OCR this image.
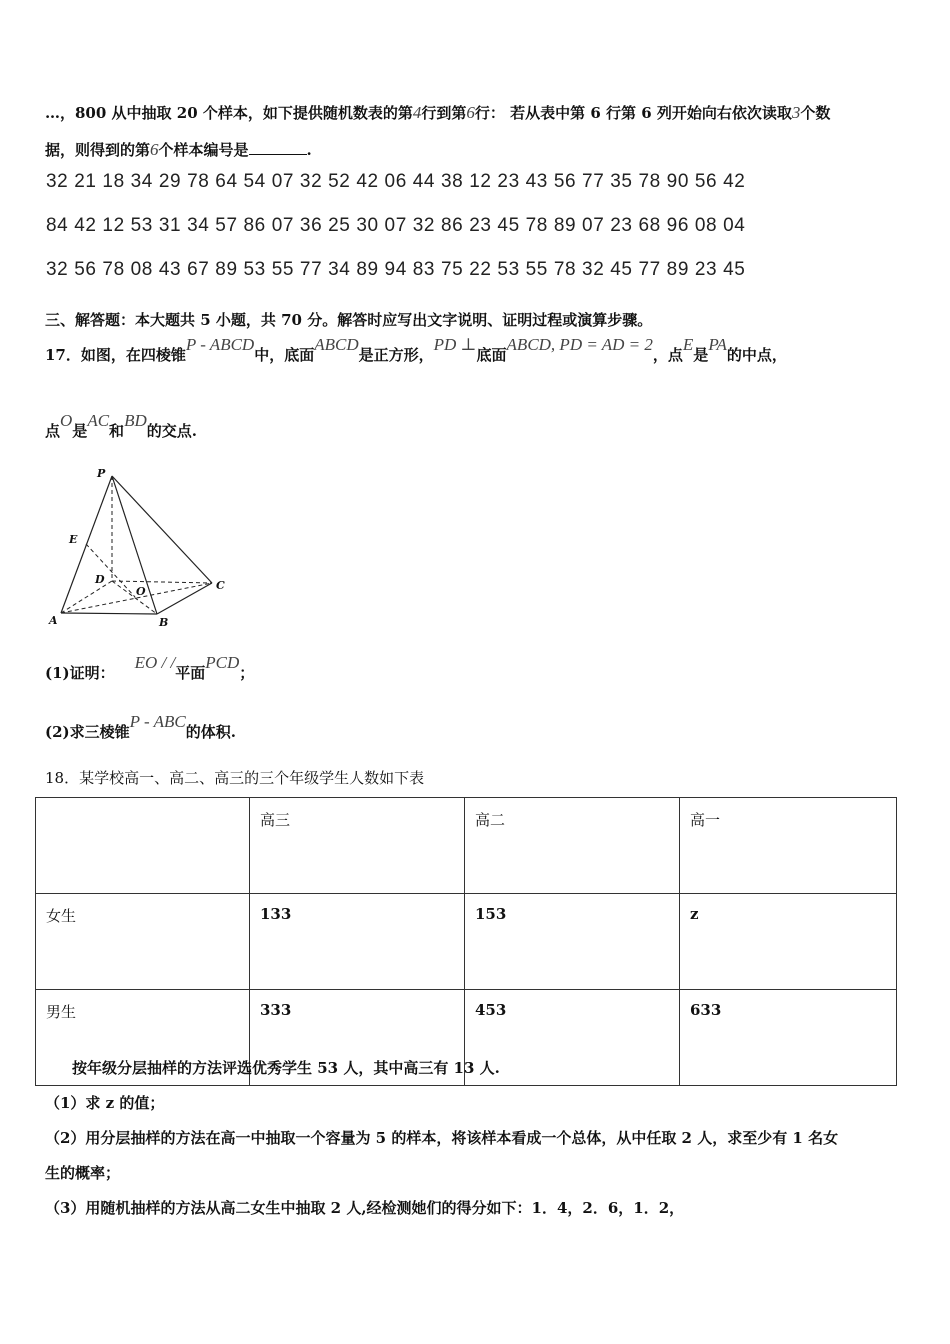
…，800 从中抽取 20 个样本，如下提供随机数表的第4行到第6行： 若从表中第 6 行第 6 列开始向右依次读取3个数
据，则得到的第6个样本编号是	.
32 21 18 34 29 78 64 54 07 32 52 42 06 44 38 12 23 43 56 77 35 78 90 56 42
84 42 12 53 31 34 57 86 07 36 25 30 07 32 86 23 45 78 89 07 23 68 96 08 04
32 56 78 08 43 67 89 53 55 77 34 89 94 83 75 22 53 55 78 32 45 77 89 23 45
三、解答题：本大题共 5 小题，共 70 分。解答时应写出文字说明、证明过程或演算步骤。
17．如图，在四棱锥P - ABCD中，底面ABCD是正方形，PD ⊥底面ABCD, PD = AD = 2，点E是PA的中点，
点O是AC和BD的交点.
P
E
D
O	C
A	B
(1)证明：EO / /平面PCD；
(2)求三棱锥P - ABC的体积.
18．某学校高一、高二、高三的三个年级学生人数如下表
	高三	高二	高一
女生	133	153	z
男生	333	453	633
按年级分层抽样的方法评选优秀学生 53 人，其中高三有 13 人.
（1）求 z 的值；
（2）用分层抽样的方法在高一中抽取一个容量为 5 的样本，将该样本看成一个总体，从中任取 2 人，求至少有 1 名女
生的概率；
（3）用随机抽样的方法从高二女生中抽取 2 人,经检测她们的得分如下：1．4，2．6，1．2，
